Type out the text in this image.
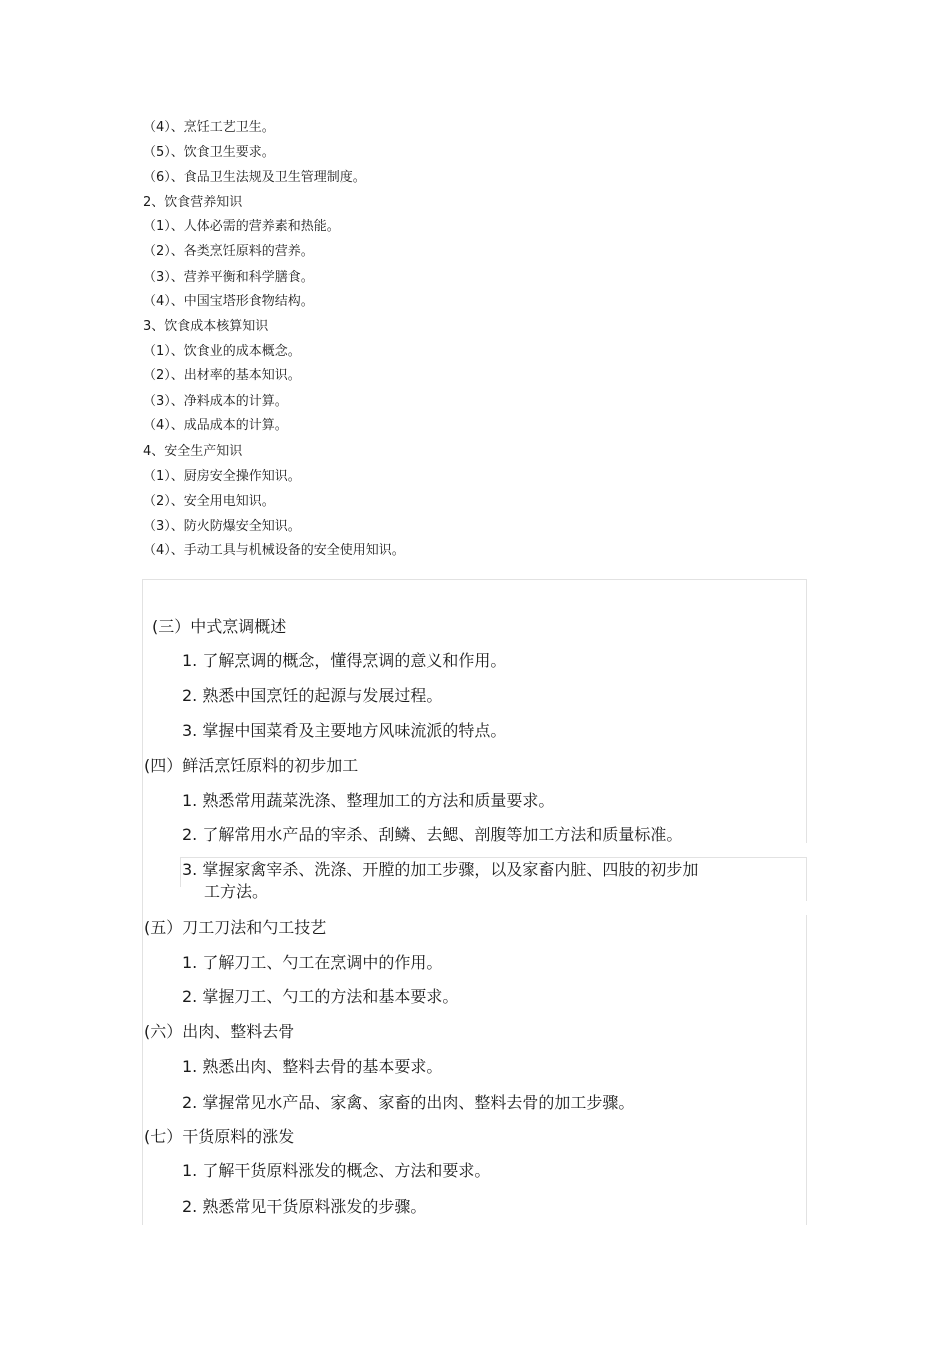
（4）、烹饪工艺卫生。
（5）、饮食卫生要求。
（6）、食品卫生法规及卫生管理制度。
2、饮食营养知识
（1）、人体必需的营养素和热能。
（2）、各类烹饪原料的营养。
（3）、营养平衡和科学膳食。
（4）、中国宝塔形食物结构。
3、饮食成本核算知识
（1）、饮食业的成本概念。
（2）、出材率的基本知识。
（3）、净料成本的计算。
（4）、成品成本的计算。
4、安全生产知识
（1）、厨房安全操作知识。
（2）、安全用电知识。
（3）、防火防爆安全知识。
（4）、手动工具与机械设备的安全使用知识。
(三）中式烹调概述
1. 了解烹调的概念，懂得烹调的意义和作用。
2. 熟悉中国烹饪的起源与发展过程。
3. 掌握中国菜肴及主要地方风味流派的特点。
(四）鲜活烹饪原料的初步加工
1. 熟悉常用蔬菜洗涤、整理加工的方法和质量要求。
2. 了解常用水产品的宰杀、刮鳞、去鳃、剖腹等加工方法和质量标准。
3. 掌握家禽宰杀、洗涤、开膛的加工步骤，以及家畜内脏、四肢的初步加
工方法。
(五）刀工刀法和勺工技艺
1. 了解刀工、勺工在烹调中的作用。
2. 掌握刀工、勺工的方法和基本要求。
(六）出肉、整料去骨
1. 熟悉出肉、整料去骨的基本要求。
2. 掌握常见水产品、家禽、家畜的出肉、整料去骨的加工步骤。
(七）干货原料的涨发
1. 了解干货原料涨发的概念、方法和要求。
2. 熟悉常见干货原料涨发的步骤。
